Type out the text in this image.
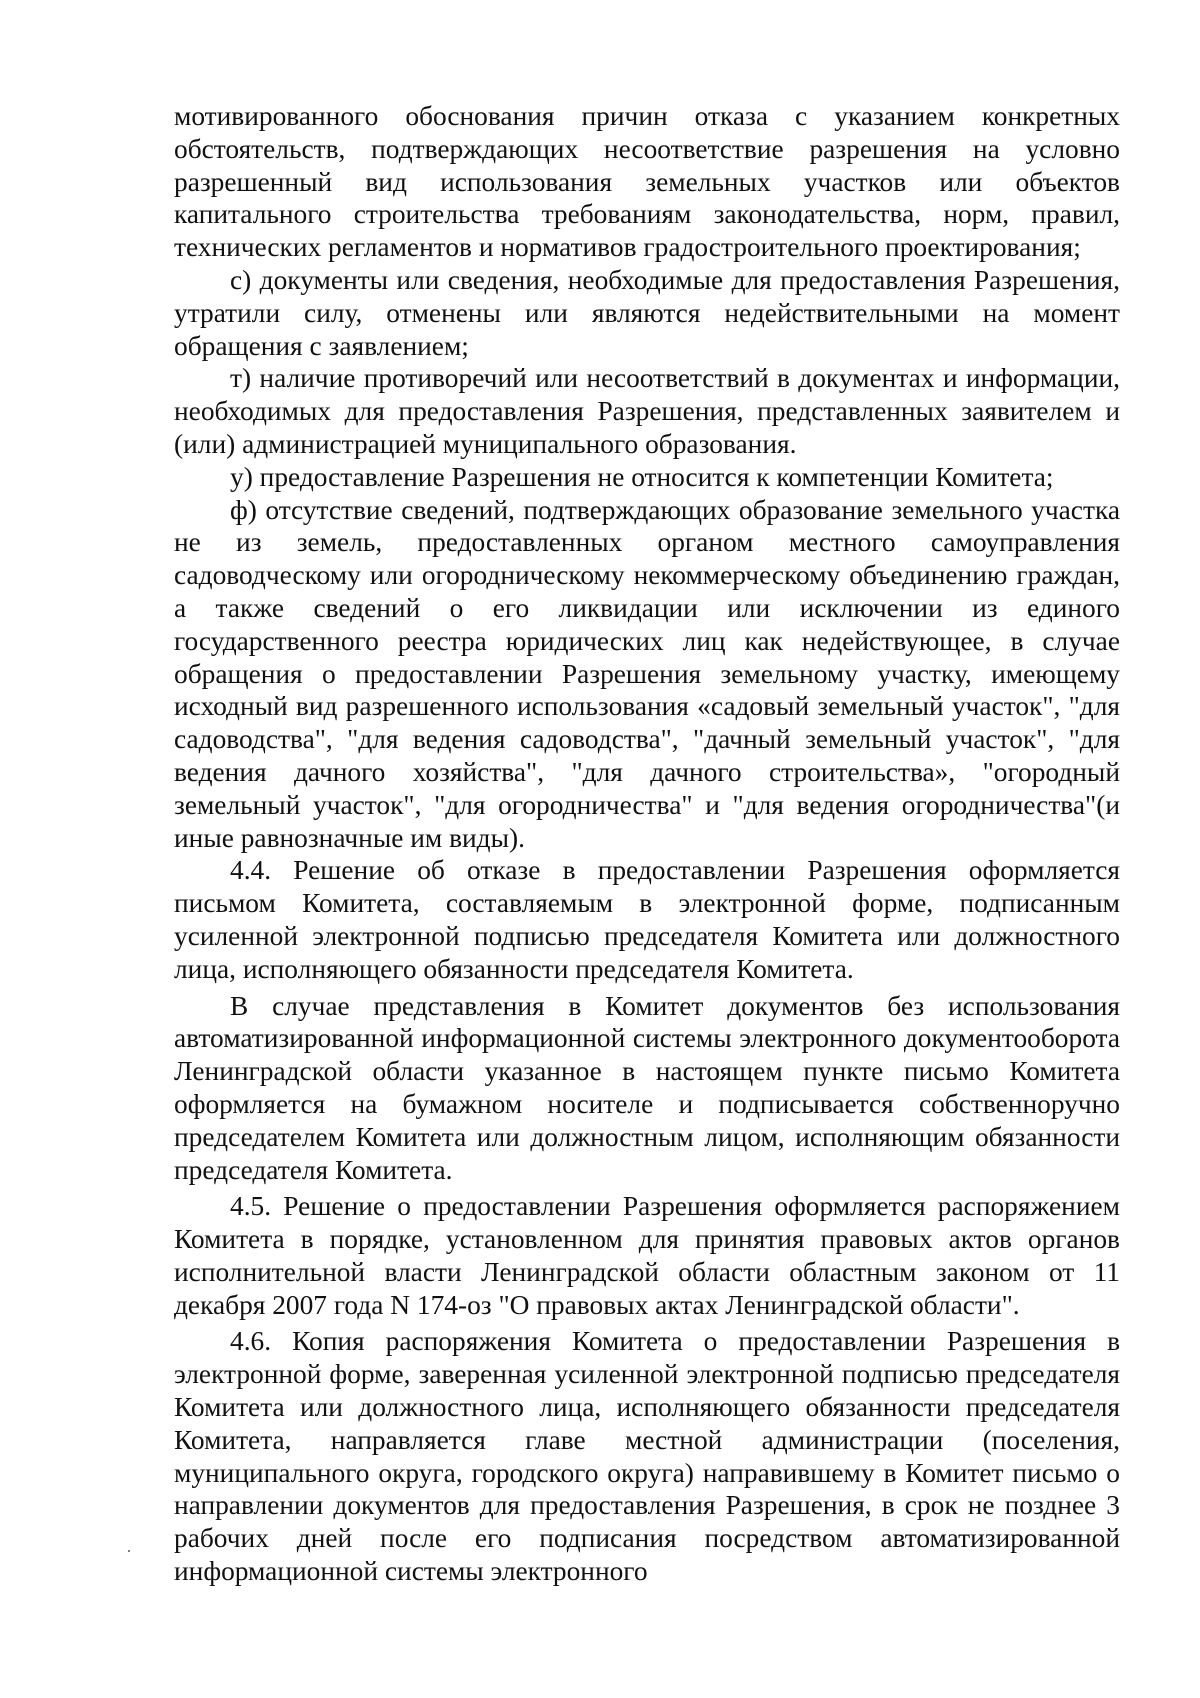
мотивированного обоснования причин отказа с указанием конкретных обстоятельств, подтверждающих несоответствие разрешения на условно разрешенный вид использования земельных участков или объектов капитального строительства требованиям законодательства, норм, правил, технических регламентов и нормативов градостроительного проектирования;

с) документы или сведения, необходимые для предоставления Разрешения, утратили силу, отменены или являются недействительными на момент обращения с заявлением;

т) наличие противоречий или несоответствий в документах и информации, необходимых для предоставления Разрешения, представленных заявителем и (или) администрацией муниципального образования.

у) предоставление Разрешения не относится к компетенции Комитета;

ф) отсутствие сведений, подтверждающих образование земельного участка не из земель, предоставленных органом местного самоуправления садоводческому или огородническому некоммерческому объединению граждан, а также сведений о его ликвидации или исключении из единого государственного реестра юридических лиц как недействующее, в случае обращения о предоставлении Разрешения земельному участку, имеющему исходный вид разрешенного использования «садовый земельный участок", "для садоводства", "для ведения садоводства", "дачный земельный участок", "для ведения дачного хозяйства", "для дачного строительства», "огородный земельный участок", "для огородничества" и "для ведения огородничества"(и иные равнозначные им виды).

4.4. Решение об отказе в предоставлении Разрешения оформляется письмом Комитета, составляемым в электронной форме, подписанным усиленной электронной подписью председателя Комитета или должностного лица, исполняющего обязанности председателя Комитета.

В случае представления в Комитет документов без использования автоматизированной информационной системы электронного документооборота Ленинградской области указанное в настоящем пункте письмо Комитета оформляется на бумажном носителе и подписывается собственноручно председателем Комитета или должностным лицом, исполняющим обязанности председателя Комитета.

4.5. Решение о предоставлении Разрешения оформляется распоряжением Комитета в порядке, установленном для принятия правовых актов органов исполнительной власти Ленинградской области областным законом от 11 декабря 2007 года N 174-оз "О правовых актах Ленинградской области".

4.6. Копия распоряжения Комитета о предоставлении Разрешения в электронной форме, заверенная усиленной электронной подписью председателя Комитета или должностного лица, исполняющего обязанности председателя Комитета, направляется главе местной администрации (поселения, муниципального округа, городского округа) направившему в Комитет письмо о направлении документов для предоставления Разрешения, в срок не позднее 3 рабочих дней после его подписания посредством автоматизированной информационной системы электронного
